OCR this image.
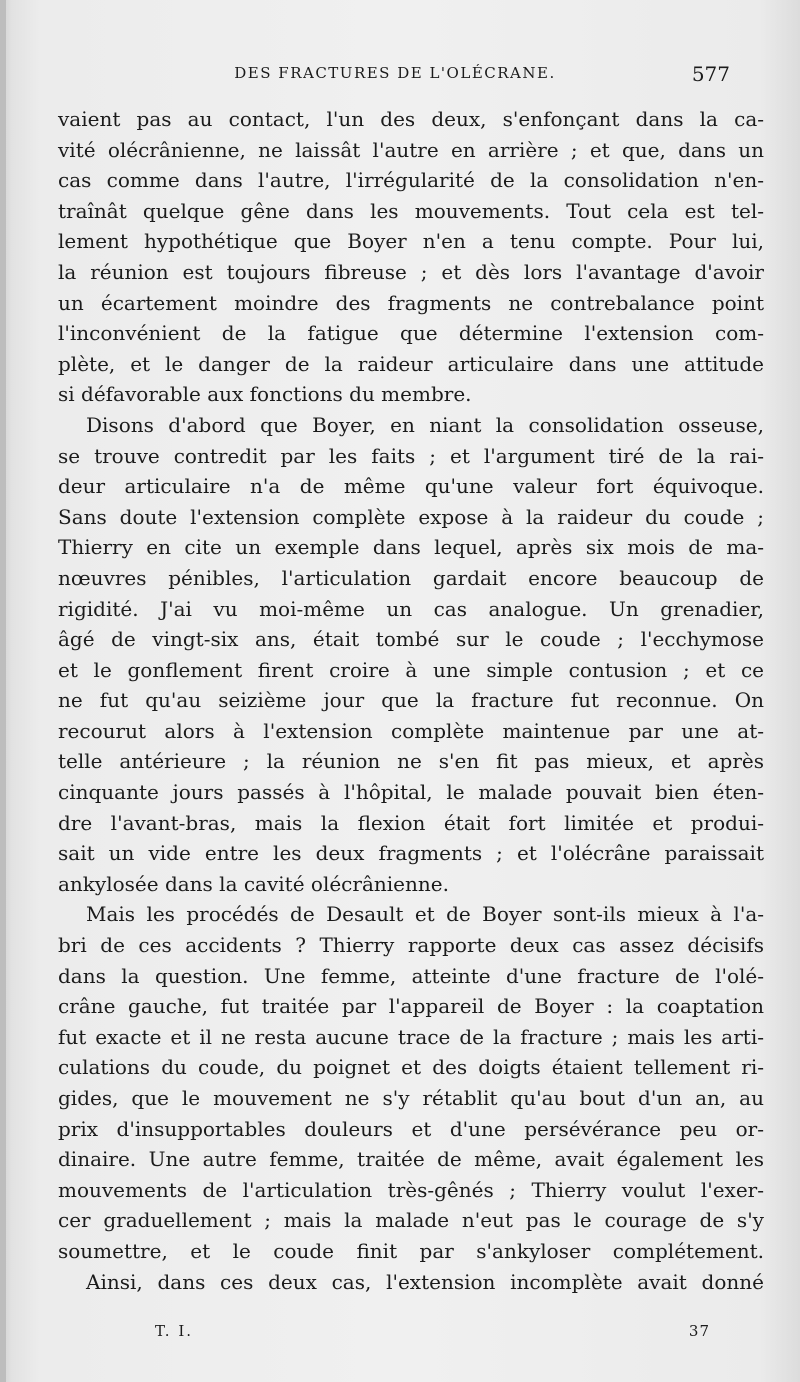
DES FRACTURES DE L'OLÉCRANE.	577
vaient pas au contact, l'un des deux, s'enfonçant dans la ca-
vité olécrânienne, ne laissât l'autre en arrière ; et que, dans un
cas comme dans l'autre, l'irrégularité de la consolidation n'en-
traînât quelque gêne dans les mouvements. Tout cela est tel-
lement hypothétique que Boyer n'en a tenu compte. Pour lui,
la réunion est toujours fibreuse ; et dès lors l'avantage d'avoir
un écartement moindre des fragments ne contrebalance point
l'inconvénient de la fatigue que détermine l'extension com-
plète, et le danger de la raideur articulaire dans une attitude
si défavorable aux fonctions du membre.
Disons d'abord que Boyer, en niant la consolidation osseuse,
se trouve contredit par les faits ; et l'argument tiré de la rai-
deur articulaire n'a de même qu'une valeur fort équivoque.
Sans doute l'extension complète expose à la raideur du coude ;
Thierry en cite un exemple dans lequel, après six mois de ma-
nœuvres pénibles, l'articulation gardait encore beaucoup de
rigidité. J'ai vu moi-même un cas analogue. Un grenadier,
âgé de vingt-six ans, était tombé sur le coude ; l'ecchymose
et le gonflement firent croire à une simple contusion ; et ce
ne fut qu'au seizième jour que la fracture fut reconnue. On
recourut alors à l'extension complète maintenue par une at-
telle antérieure ; la réunion ne s'en fit pas mieux, et après
cinquante jours passés à l'hôpital, le malade pouvait bien éten-
dre l'avant-bras, mais la flexion était fort limitée et produi-
sait un vide entre les deux fragments ; et l'olécrâne paraissait
ankylosée dans la cavité olécrânienne.
Mais les procédés de Desault et de Boyer sont-ils mieux à l'a-
bri de ces accidents ? Thierry rapporte deux cas assez décisifs
dans la question. Une femme, atteinte d'une fracture de l'olé-
crâne gauche, fut traitée par l'appareil de Boyer : la coaptation
fut exacte et il ne resta aucune trace de la fracture ; mais les arti-
culations du coude, du poignet et des doigts étaient tellement ri-
gides, que le mouvement ne s'y rétablit qu'au bout d'un an, au
prix d'insupportables douleurs et d'une persévérance peu or-
dinaire. Une autre femme, traitée de même, avait également les
mouvements de l'articulation très-gênés ; Thierry voulut l'exer-
cer graduellement ; mais la malade n'eut pas le courage de s'y
soumettre, et le coude finit par s'ankyloser complétement.
Ainsi, dans ces deux cas, l'extension incomplète avait donné
T. I.	37
